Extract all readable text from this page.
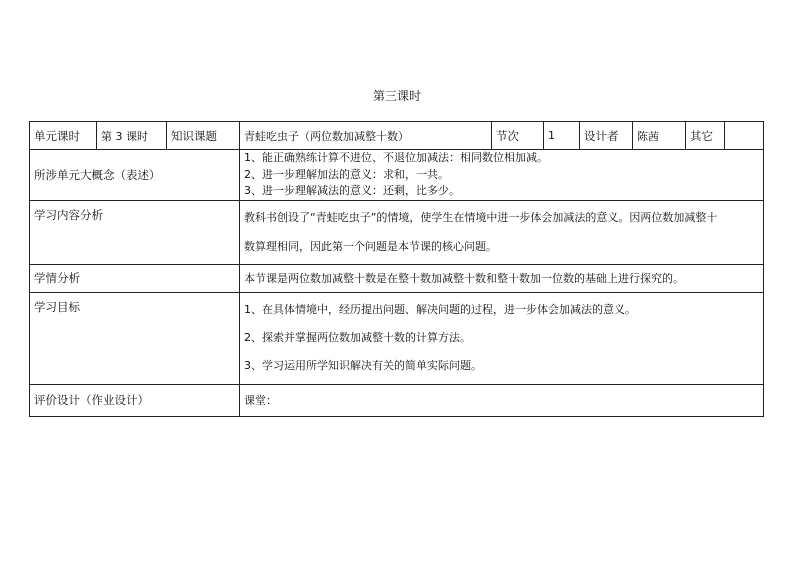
第三课时
单元课时	第 3 课时	知识课题	青蛙吃虫子（两位数加减整十数）	节次	1	设计者	陈茜	其它	
所涉单元大概念（表述）			1、能正确熟练计算不进位、不退位加减法：相同数位相加减。
2、进一步理解加法的意义：求和，一共。
3、进一步理解减法的意义：还剩，比多少。						

学习内容分析			教科书创设了“青蛙吃虫子”的情境，使学生在情境中进一步体会加减法的意义。因两位数加减整十
数算理相同，因此第一个问题是本节课的核心问题。						

学情分析			本节课是两位数加减整十数是在整十数加减整十数和整十数加一位数的基础上进行探究的。						
学习目标			1、在具体情境中，经历提出问题、解决问题的过程，进一步体会加减法的意义。
2、探索并掌握两位数加减整十数的计算方法。
3、学习运用所学知识解决有关的简单实际问题。						

评价设计（作业设计）			课堂：						
